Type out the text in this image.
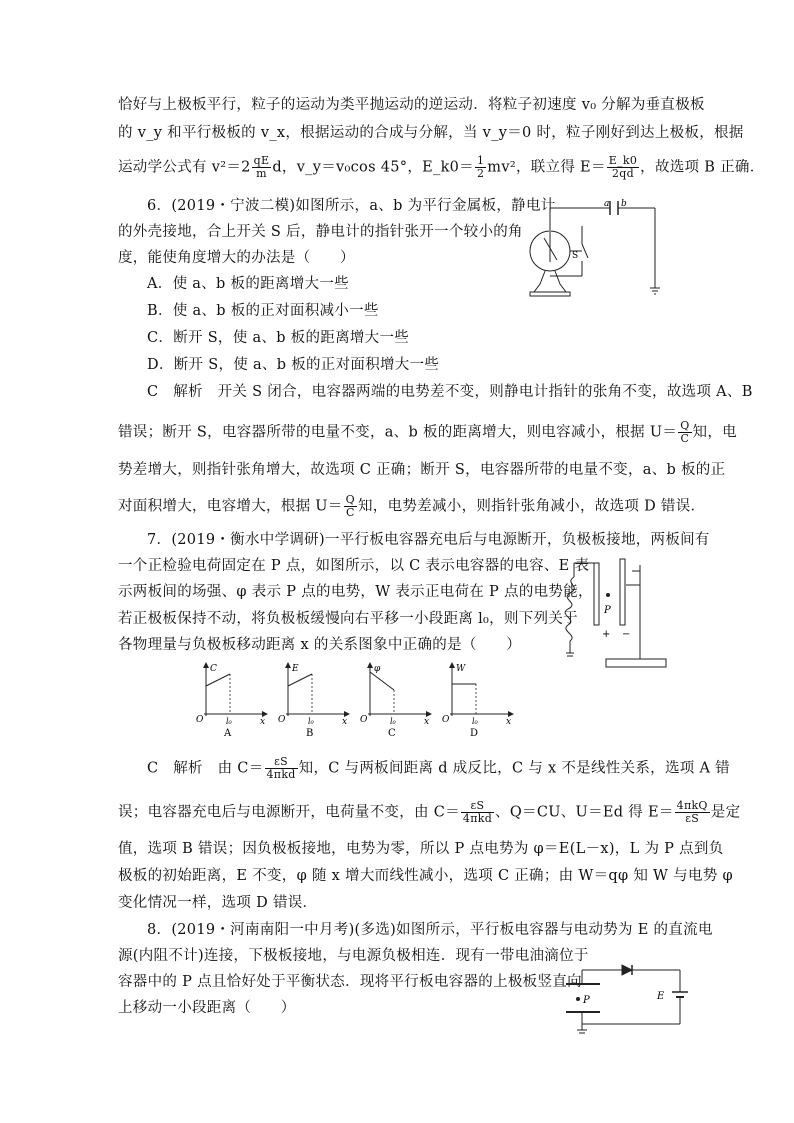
恰好与上极板平行，粒子的运动为类平抛运动的逆运动．将粒子初速度 v₀ 分解为垂直极板
的 v_y 和平行极板的 v_x，根据运动的合成与分解，当 v_y＝0 时，粒子刚好到达上极板，根据
运动学公式有 $v^2=2 \frac{qE}{m}$ d，v_y＝v₀cos 45°，E_k0＝ $\frac{1}{2} mv^2$，联立得 $E= \frac{E\_k0}{2qd}$ ，故选项 B 正确．
6．(2019・宁波二模)如图所示，a、b 为平行金属板，静电计
的外壳接地，合上开关 S 后，静电计的指针张开一个较小的角
度，能使角度增大的办法是（　　）
A．使 a、b 板的距离增大一些
B．使 a、b 板的正对面积减小一些
C．断开 S，使 a、b 板的距离增大一些
D．断开 S，使 a、b 板的正对面积增大一些
a b
S
C　解析　开关 S 闭合，电容器两端的电势差不变，则静电计指针的张角不变，故选项 A、B
错误；断开 S，电容器所带的电量不变，a、b 板的距离增大，则电容减小，根据 $U= \frac{Q}{C}$ 知，电
势差增大，则指针张角增大，故选项 C 正确；断开 S，电容器所带的电量不变，a、b 板的正
对面积增大，电容增大，根据 $U= \frac{Q}{C}$ 知，电势差减小，则指针张角减小，故选项 D 错误．
7．(2019・衡水中学调研)一平行板电容器充电后与电源断开，负极板接地，两板间有
一个正检验电荷固定在 P 点，如图所示，以 C 表示电容器的电容、E 表
示两板间的场强、φ 表示 P 点的电势，W 表示正电荷在 P 点的电势能，
若正极板保持不动，将负极板缓慢向右平移一小段距离 l₀，则下列关于
各物理量与负极板移动距离 x 的关系图象中正确的是（　　）
P
+ −
C
O	l₀	x
A
E
O	l₀	x
B
φ
O	l₀	x
C
W
O	l₀	x
D
C　解析　由 $C= \frac{\varepsilon S}{\text{4πkd}}$ 知，C 与两板间距离 d 成反比，C 与 x 不是线性关系，选项 A 错
误；电容器充电后与电源断开，电荷量不变，由 $C= \frac{\varepsilon S}{\text{4πkd}}$ 、Q＝CU、U＝Ed 得 $E= \frac{\text{4πkQ}}{\varepsilon S}$ 是定
值，选项 B 错误；因负极板接地，电势为零，所以 P 点电势为 φ＝E(L－x)，L 为 P 点到负
极板的初始距离，E 不变，φ 随 x 增大而线性减小，选项 C 正确；由 W＝qφ 知 W 与电势 φ
变化情况一样，选项 D 错误．
8．(2019・河南南阳一中月考)(多选)如图所示，平行板电容器与电动势为 E 的直流电
源(内阻不计)连接，下极板接地，与电源负极相连．现有一带电油滴位于
容器中的 P 点且恰好处于平衡状态．现将平行板电容器的上极板竖直向
上移动一小段距离（　　）	P	E
